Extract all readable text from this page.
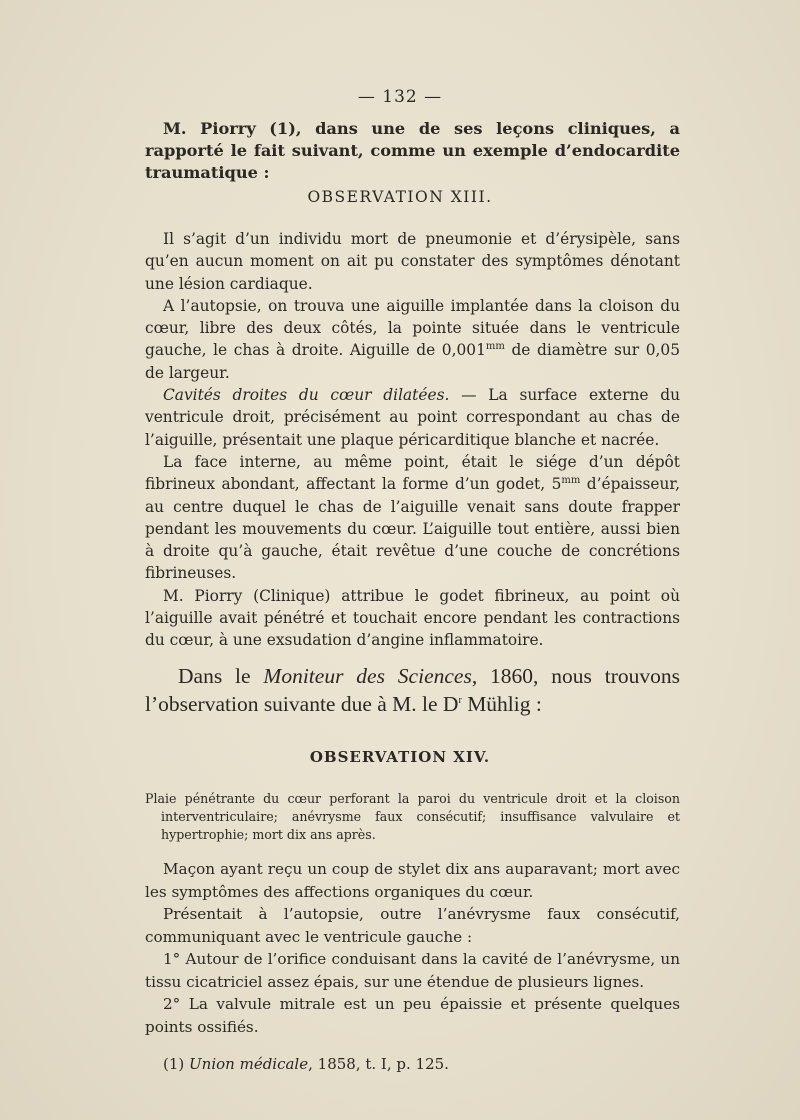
— 132 —

M. Piorry (1), dans une de ses leçons cliniques, a rapporté le fait suivant, comme un exemple d’endocardite traumatique :

OBSERVATION XIII.

Il s’agit d’un individu mort de pneumonie et d’érysipèle, sans qu’en aucun moment on ait pu constater des symptômes dénotant une lésion cardiaque.

A l’autopsie, on trouva une aiguille implantée dans la cloison du cœur, libre des deux côtés, la pointe située dans le ventricule gauche, le chas à droite. Aiguille de $0,001^{mm}$ de diamètre sur 0,05 de largeur.

Cavités droites du cœur dilatées. — La surface externe du ventricule droit, précisément au point correspondant au chas de l’aiguille, présentait une plaque péricarditique blanche et nacrée.

La face interne, au même point, était le siége d’un dépôt fibrineux abondant, affectant la forme d’un godet, $5^{mm}$ d’épaisseur, au centre duquel le chas de l’aiguille venait sans doute frapper pendant les mouvements du cœur. L’aiguille tout entière, aussi bien à droite qu’à gauche, était revêtue d’une couche de concrétions fibrineuses.

M. Piorry (Clinique) attribue le godet fibrineux, au point où l’aiguille avait pénétré et touchait encore pendant les contractions du cœur, à une exsudation d’angine inflammatoire.

Dans le Moniteur des Sciences, 1860, nous trouvons l’observation suivante due à M. le $D^r$ Mühlig :

OBSERVATION XIV.

Plaie pénétrante du cœur perforant la paroi du ventricule droit et la cloison interventriculaire; anévrysme faux consécutif; insuffisance valvulaire et hypertrophie; mort dix ans après.

Maçon ayant reçu un coup de stylet dix ans auparavant; mort avec les symptômes des affections organiques du cœur.

Présentait à l’autopsie, outre l’anévrysme faux consécutif, communiquant avec le ventricule gauche :

1° Autour de l’orifice conduisant dans la cavité de l’anévrysme, un tissu cicatriciel assez épais, sur une étendue de plusieurs lignes.

2° La valvule mitrale est un peu épaissie et présente quelques points ossifiés.

(1) Union médicale, 1858, t. I, p. 125.
